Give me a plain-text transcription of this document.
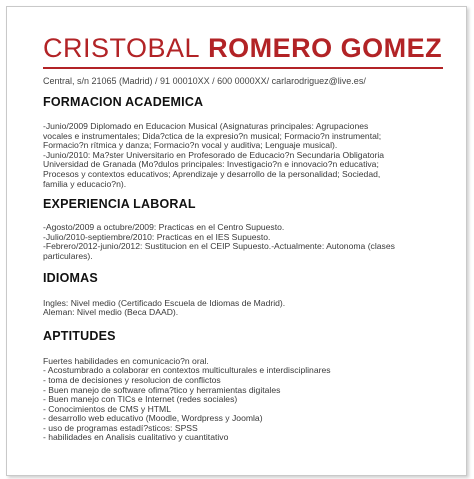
CRISTOBAL ROMERO GOMEZ
Central, s/n 21065 (Madrid) / 91 00010XX / 600 0000XX/ carlarodriguez@live.es/
FORMACION ACADEMICA
-Junio/2009 Diplomado en Educacion Musical (Asignaturas principales: Agrupaciones
vocales e instrumentales; Didа?ctica de la expresiо?n musical; Formaciо?n instrumental;
Formaciо?n rítmica y danza; Formaciо?n vocal y auditiva; Lenguaje musical).
-Junio/2010: Ma?ster Universitario en Profesorado de Educaciо?n Secundaria Obligatoria
Universidad de Granada (Mо?dulos principales: Investigaciо?n e innovaciо?n educativa;
Procesos y contextos educativos; Aprendizaje y desarrollo de la personalidad; Sociedad,
familia y educaciо?n).
EXPERIENCIA LABORAL
-Agosto/2009 a octubre/2009: Practicas en el Centro Supuesto.
-Julio/2010-septiembre/2010: Practicas en el IES Supuesto.
-Febrero/2012-junio/2012: Sustitucion en el CEIP Supuesto.-Actualmente: Autonoma (clases
particulares).
IDIOMAS
Ingles: Nivel medio (Certificado Escuela de Idiomas de Madrid).
Aleman: Nivel medio (Beca DAAD).
APTITUDES
Fuertes habilidades en comunicaciо?n oral.
- Acostumbrado a colaborar en contextos multiculturales e interdisciplinares
- toma de decisiones y resolucion de conflictos
- Buen manejo de software ofima?tico y herramientas digitales
- Buen manejo con TICs e Internet (redes sociales)
- Conocimientos de CMS y HTML
- desarrollo web educativo (Moodle, Wordpress y Joomla)
- uso de programas estadí?sticos: SPSS
- habilidades en Analisis cualitativo y cuantitativo
